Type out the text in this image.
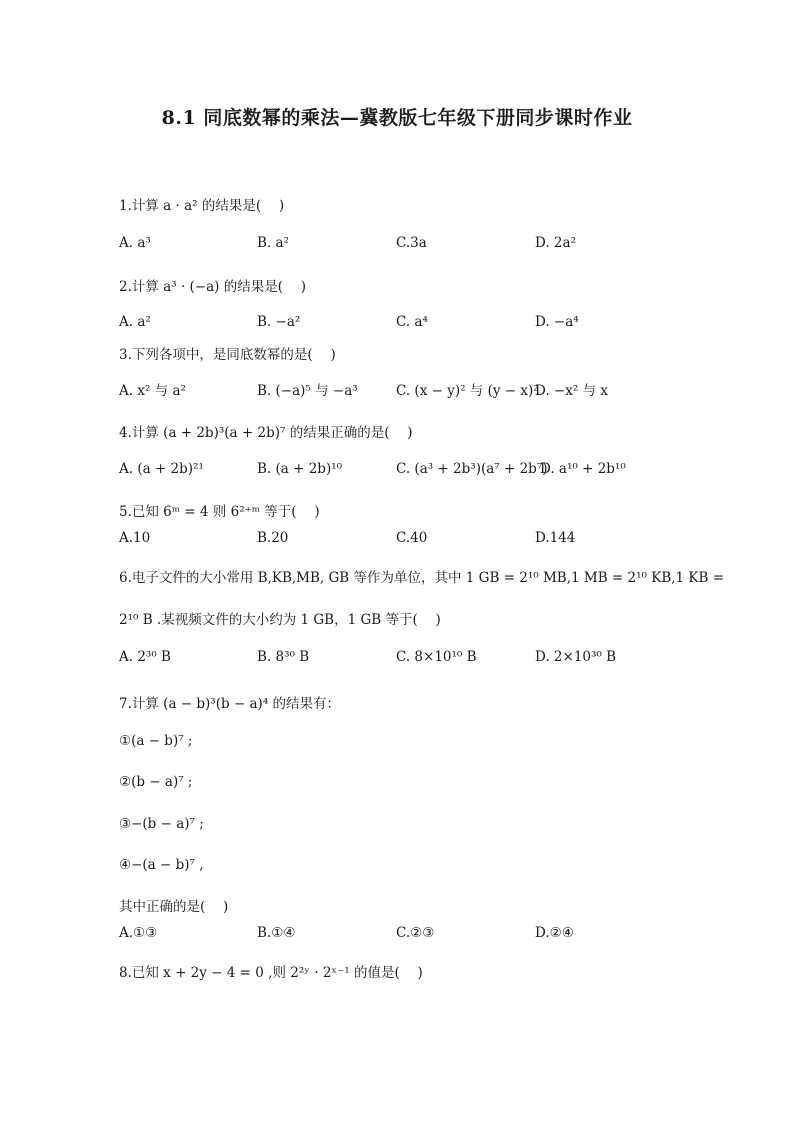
8.1 同底数幂的乘法—冀教版七年级下册同步课时作业
1.计算 a · a² 的结果是(　 )
A. a³	B. a²	C.3a	D. 2a²
2.计算 a³ · (−a) 的结果是(　 )
A. a²	B. −a²	C. a⁴	D. −a⁴
3.下列各项中，是同底数幂的是(　 )
A. x² 与 a²	B. (−a)⁵ 与 −a³	C. (x − y)² 与 (y − x)²
D. −x² 与 x
4.计算 (a + 2b)³(a + 2b)⁷ 的结果正确的是(　 )
A. (a + 2b)²¹	B. (a + 2b)¹⁰	C. (a³ + 2b³)(a⁷ + 2b⁷)
D. a¹⁰ + 2b¹⁰
5.已知 6ᵐ = 4 则 6²⁺ᵐ 等于(　 )
A.10	B.20	C.40	D.144
6.电子文件的大小常用 B,KB,MB, GB 等作为单位，其中 1 GB = 2¹⁰ MB,1 MB = 2¹⁰ KB,1 KB =
2¹⁰ B .某视频文件的大小约为 1 GB，1 GB 等于(　 )
A. 2³⁰ B	B. 8³⁰ B	C. 8×10¹⁰ B	D. 2×10³⁰ B
7.计算 (a − b)³(b − a)⁴ 的结果有：
①(a − b)⁷ ;
②(b − a)⁷ ;
③−(b − a)⁷ ;
④−(a − b)⁷ ,
其中正确的是(　 )
A.①③	B.①④	C.②③	D.②④
8.已知 x + 2y − 4 = 0 ,则 2²ʸ · 2ˣ⁻¹ 的值是(　 )
